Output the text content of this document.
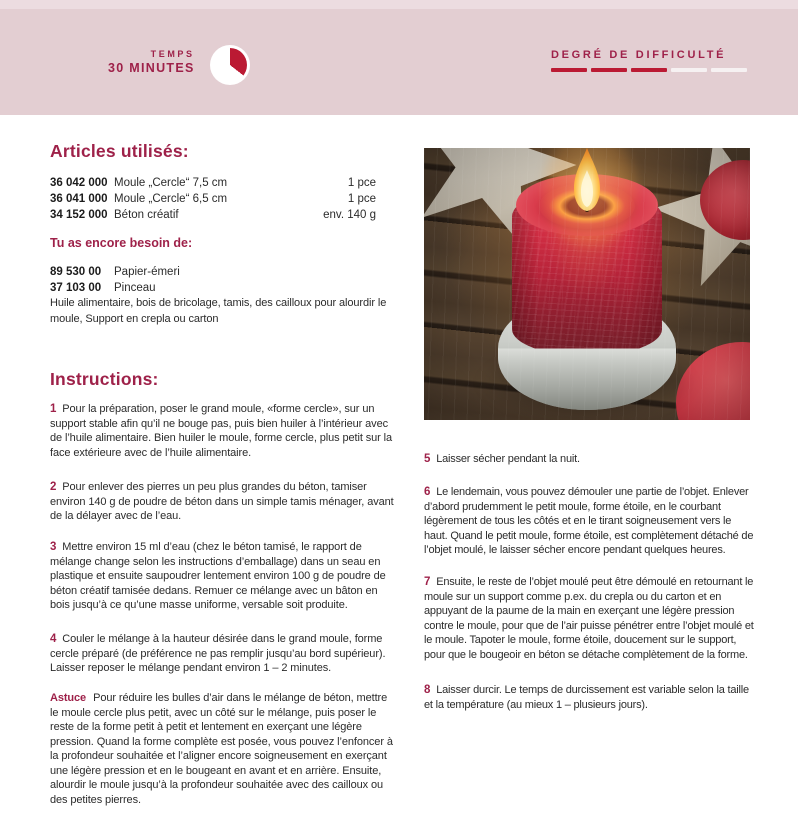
TEMPS
30 MINUTES
DEGRÉ DE DIFFICULTÉ
Articles utilisés:
36 042 000 Moule „Cercle“ 7,5 cm	1 pce
36 041 000 Moule „Cercle“ 6,5 cm	1 pce
34 152 000 Béton créatif	env. 140 g
Tu as encore besoin de:
89 530 00	Papier-émeri
37 103 00	Pinceau
Huile alimentaire, bois de bricolage, tamis, des cailloux pour alourdir le moule, Support en crepla ou carton
Instructions:

1 Pour la préparation, poser le grand moule, «forme cercle», sur un support stable afin qu’il ne bouge pas, puis bien huiler à l’intérieur avec de l’huile alimentaire. Bien huiler le moule, forme cercle, plus petit sur la face extérieure avec de l’huile alimentaire.

2 Pour enlever des pierres un peu plus grandes du béton, tamiser environ 140 g de poudre de béton dans un simple tamis ménager, avant de la délayer avec de l’eau.

3 Mettre environ 15 ml d’eau (chez le béton tamisé, le rapport de mélange change selon les instructions d’emballage) dans un seau en plastique et ensuite saupoudrer lentement environ 100 g de poudre de béton créatif tamisée dedans. Remuer ce mélange avec un bâton en bois jusqu’à ce qu’une masse uniforme, versable soit produite.

4 Couler le mélange à la hauteur désirée dans le grand moule, forme cercle préparé (de préférence ne pas remplir jusqu’au bord supérieur). Laisser reposer le mélange pendant environ 1 – 2 minutes.

Astuce Pour réduire les bulles d’air dans le mélange de béton, mettre le moule cercle plus petit, avec un côté sur le mélange, puis poser le reste de la forme petit à petit et lentement en exerçant une légère pression. Quand la forme complète est posée, vous pouvez l’enfoncer à la profondeur souhaitée et l’aligner encore soigneusement en exerçant une légère pression et en le bougeant en avant et en arrière. Ensuite, alourdir le moule jusqu’à la profondeur souhaitée avec des cailloux ou des petites pierres.

5 Laisser sécher pendant la nuit.

6 Le lendemain, vous pouvez démouler une partie de l’objet. Enlever d’abord prudemment le petit moule, forme étoile, en le courbant légèrement de tous les côtés et en le tirant soigneusement vers le haut. Quand le petit moule, forme étoile, est complètement détaché de l’objet moulé, le laisser sécher encore pendant quelques heures.

7 Ensuite, le reste de l’objet moulé peut être démoulé en retournant le moule sur un support comme p.ex. du crepla ou du carton et en appuyant de la paume de la main en exerçant une légère pression contre le moule, pour que de l’air puisse pénétrer entre l’objet moulé et le moule. Tapoter le moule, forme étoile, doucement sur le support, pour que le bougeoir en béton se détache complètement de la forme.

8 Laisser durcir. Le temps de durcissement est variable selon la taille et la température (au mieux 1 – plusieurs jours).
